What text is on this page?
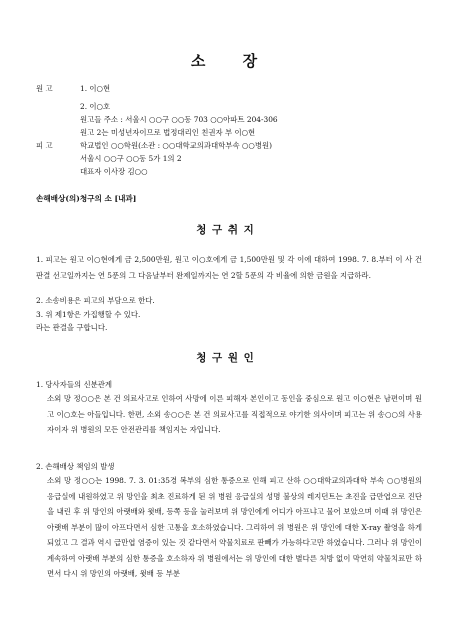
소 장
원 고	1. 이○현
2. 이○호
원고들 주소 : 서울시 ○○구 ○○동 703 ○○아파트 204-306
원고 2는 미성년자이므로 법정대리인 친권자 부 이○현
피 고	학교법인 ○○학원(소관 : ○○대학교의과대학부속 ○○병원)
서울시 ○○구 ○○동 5가 1의 2
대표자 이사장 김○○
손해배상(의)청구의 소 [내과]
청 구 취 지
1. 피고는 원고 이○현에게 금 2,500만원, 원고 이○호에게 금 1,500만원 및 각 이에 대하여 1998. 7. 8.부터 이 사 건 판결 선고일까지는 연 5푼의 그 다음날부터 완제일까지는 연 2할 5푼의 각 비율에 의한 금원을 지급하라.
2. 소송비용은 피고의 부담으로 한다.
3. 위 제1항은 가집행할 수 있다.
라는 판결을 구합니다.
청 구 원 인
1. 당사자들의 신분관계
소외 망 정○○은 본 건 의료사고로 인하여 사망에 이른 피해자 본인이고 동인을 중심으로 원고 이○현은 남편이며 원고 이○호는 아들입니다. 한편, 소외 송○○은 본 건 의료사고를 직접적으로 야기한 의사이며 피고는 위 송○○의 사용자이자 위 병원의 모든 안전관리를 책임지는 자입니다.
2. 손해배상 책임의 발생
소외 망 정○○는 1998. 7. 3. 01:35경 복부의 심한 통증으로 인해 피고 산하 ○○대학교의과대학 부속 ○○병원의 응급실에 내원하였고 위 망인을 최초 진료하게 된 위 병원 응급실의 성명 불상의 레지던트는 초진을 급만엽으로 진단을 내린 후 위 망인의 아랫배와 윗배, 등쪽 등을 눌러보며 위 망인에게 어디가 아프냐고 물어 보았으며 이때 위 망인은 아랫배 부분이 많이 아프다면서 심한 고통을 호소하였습니다. 그리하여 위 병원은 위 망인에 대한 X-ray 촬영을 하게 되었고 그 결과 역시 급만엽 염증이 있는 것 같다면서 약물치료로 판빼가 가능하다고만 하였습니다. 그러나 위 망인이 계속하여 아랫배 부분의 심한 통증을 호소하자 위 병원에서는 위 망인에 대한 별다른 처방 없이 막연히 약물치료만 하면서 다시 위 망인의 아랫배, 윗배 등 부분
